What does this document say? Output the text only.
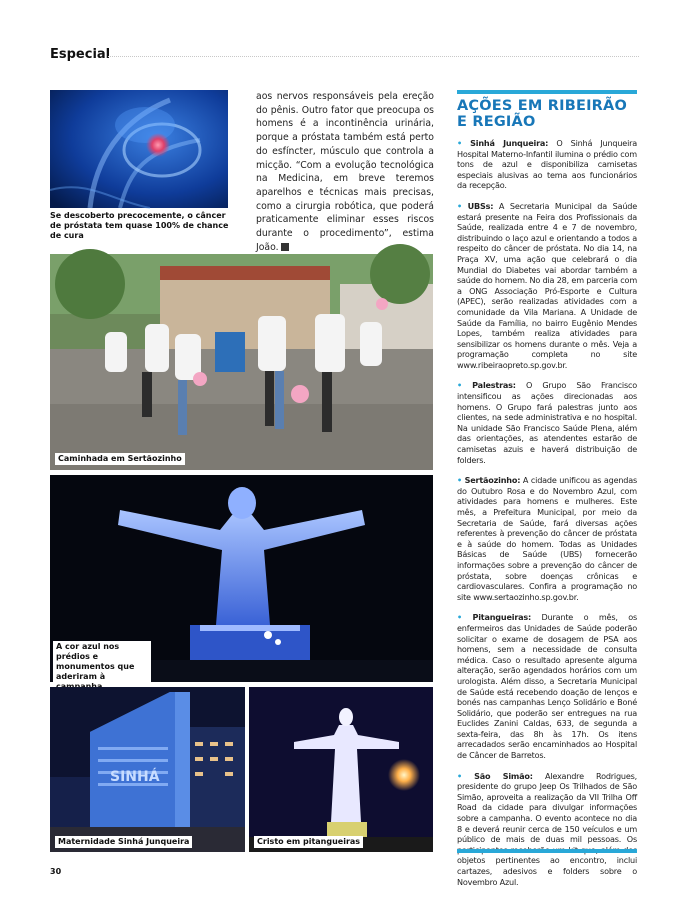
Especial
Se descoberto precocemente, o câncer de próstata tem quase 100% de chance de cura
aos nervos responsáveis pela ereção do pênis. Outro fator que preocupa os homens é a incontinência urinária, porque a próstata também está perto do esfíncter, músculo que controla a micção. “Com a evolução tecnológica na Medicina, em breve teremos aparelhos e técnicas mais precisas, como a cirurgia robótica, que poderá praticamente eliminar esses riscos durante o procedimento”, estima João.
Caminhada em Sertãozinho
A cor azul nos prédios e monumentos que aderiram à
SINHÁ
Maternidade Sinhá Junqueira	Cristo em pitangueiras
AÇÕES EM RIBEIRÃO E REGIÃO

• Sinhá Junqueira: O Sinhá Junqueira Hospital Materno-Infantil ilumina o prédio com tons de azul e disponibiliza camisetas especiais alusivas ao tema aos funcionários da recepção.

• UBSs: A Secretaria Municipal da Saúde estará presente na Feira dos Profissionais da Saúde, realizada entre 4 e 7 de novembro, distribuindo o laço azul e orientando a todos a respeito do câncer de próstata. No dia 14, na Praça XV, uma ação que celebrará o dia Mundial do Diabetes vai abordar também a saúde do homem. No dia 28, em parceria com a ONG Associação Pró-Esporte e Cultura (APEC), serão realizadas atividades com a comunidade da Vila Mariana. A Unidade de Saúde da Família, no bairro Eugênio Mendes Lopes, também realiza atividades para sensibilizar os homens durante o mês. Veja a programação completa no site www.ribeiraopreto.sp.gov.br.

• Palestras: O Grupo São Francisco intensificou as ações direcionadas aos homens. O Grupo fará palestras junto aos clientes, na sede administrativa e no hospital. Na unidade São Francisco Saúde Plena, além das orientações, as atendentes estarão de camisetas azuis e haverá distribuição de folders.

• Sertãozinho: A cidade unificou as agendas do Outubro Rosa e do Novembro Azul, com atividades para homens e mulheres. Este mês, a Prefeitura Municipal, por meio da Secretaria de Saúde, fará diversas ações referentes à prevenção do câncer de próstata e à saúde do homem. Todas as Unidades Básicas de Saúde (UBS) fornecerão informações sobre a prevenção do câncer de próstata, sobre doenças crônicas e cardiovasculares. Confira a programação no site www.sertaozinho.sp.gov.br.

• Pitangueiras: Durante o mês, os enfermeiros das Unidades de Saúde poderão solicitar o exame de dosagem de PSA aos homens, sem a necessidade de consulta médica. Caso o resultado apresente alguma alteração, serão agendados horários com um urologista. Além disso, a Secretaria Municipal de Saúde está recebendo doação de lenços e bonés nas campanhas Lenço Solidário e Boné Solidário, que poderão ser entregues na rua Euclides Zanini Caldas, 633, de segunda a sexta-feira, das 8h às 17h. Os itens arrecadados serão encaminhados ao Hospital de Câncer de Barretos.

• São Simão: Alexandre Rodrigues, presidente do grupo Jeep Os Trilhados de São Simão, aproveita a realização da VII Trilha Off Road da cidade para divulgar informações sobre a campanha. O evento acontece no dia 8 e deverá reunir cerca de 150 veículos e um público de mais de duas mil pessoas. Os objetos pertinentes ao encontro, inclui cartazes, adesivos e folders sobre o Novembro Azul.

30
